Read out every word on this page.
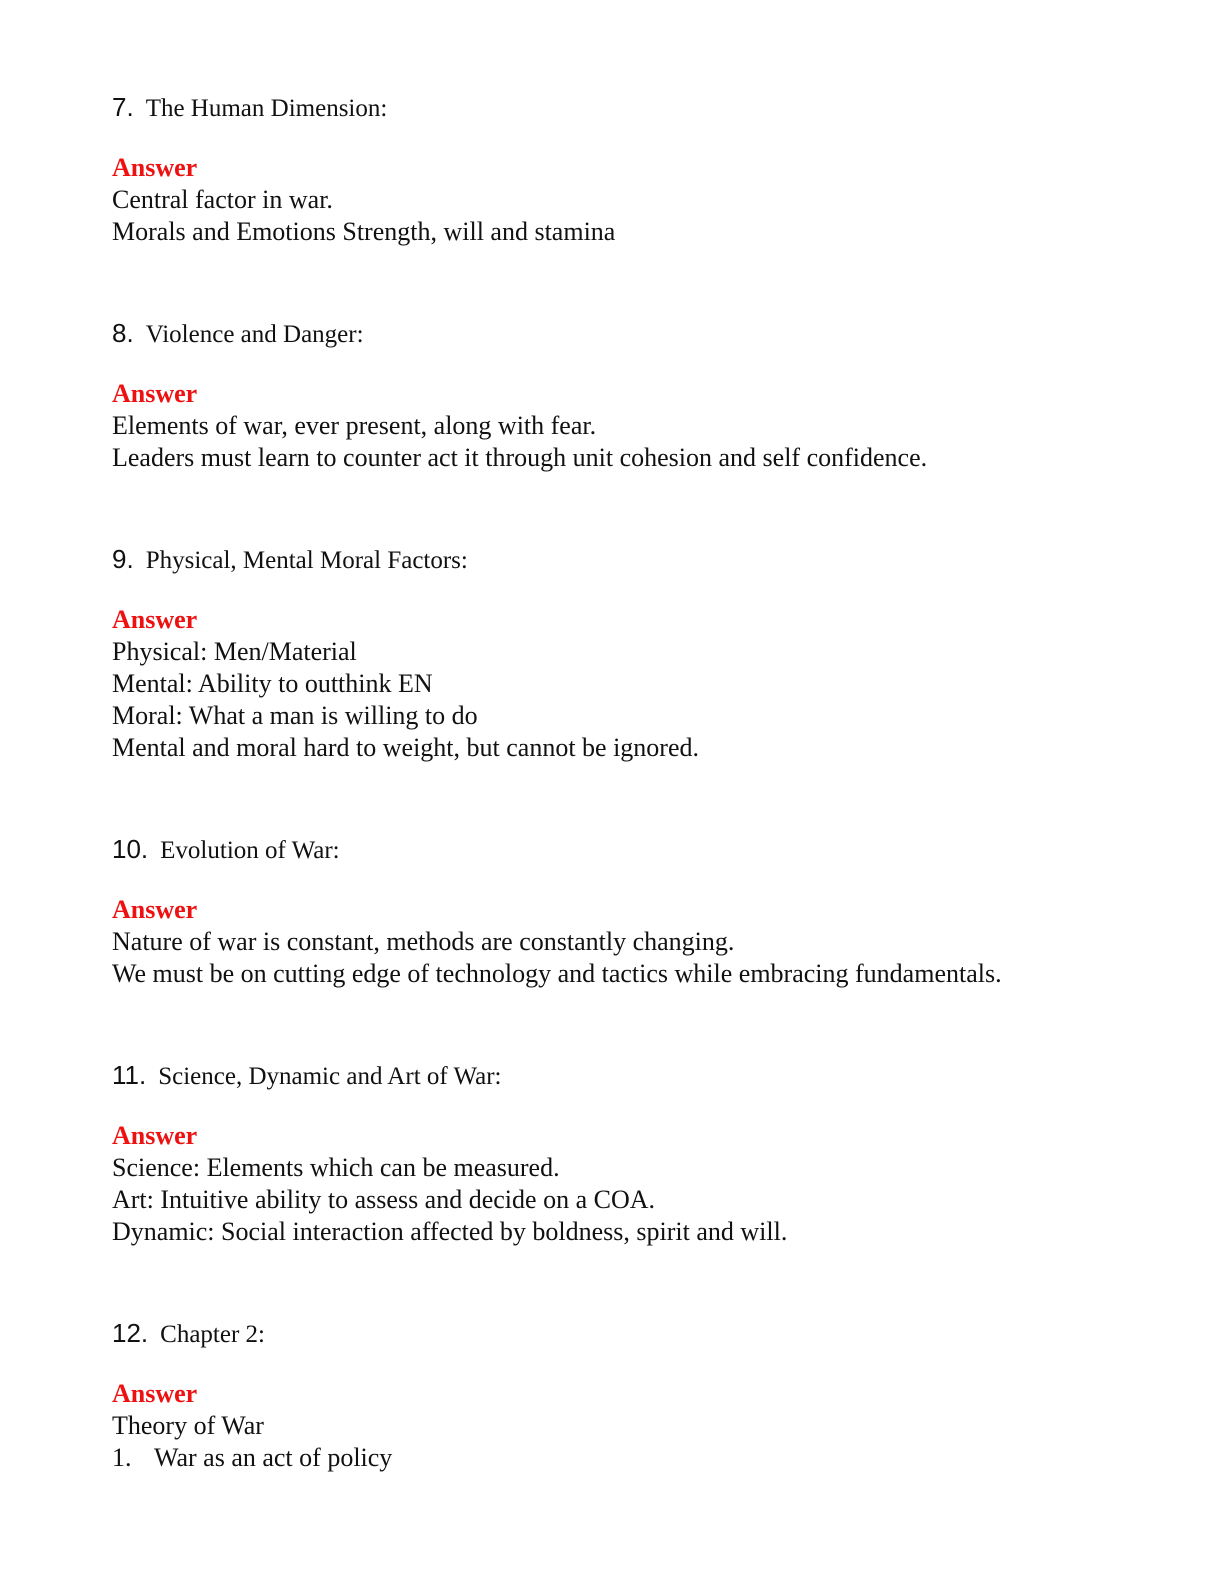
7. The Human Dimension:
Answer
Central factor in war.
Morals and Emotions Strength, will and stamina
8. Violence and Danger:
Answer
Elements of war, ever present, along with fear.
Leaders must learn to counter act it through unit cohesion and self confidence.
9. Physical, Mental Moral Factors:
Answer
Physical: Men/Material
Mental: Ability to outthink EN
Moral: What a man is willing to do
Mental and moral hard to weight, but cannot be ignored.
10. Evolution of War:
Answer
Nature of war is constant, methods are constantly changing.
We must be on cutting edge of technology and tactics while embracing fundamentals.
11. Science, Dynamic and Art of War:
Answer
Science: Elements which can be measured.
Art: Intuitive ability to assess and decide on a COA.
Dynamic: Social interaction affected by boldness, spirit and will.
12. Chapter 2:
Answer
Theory of War
1. War as an act of policy
